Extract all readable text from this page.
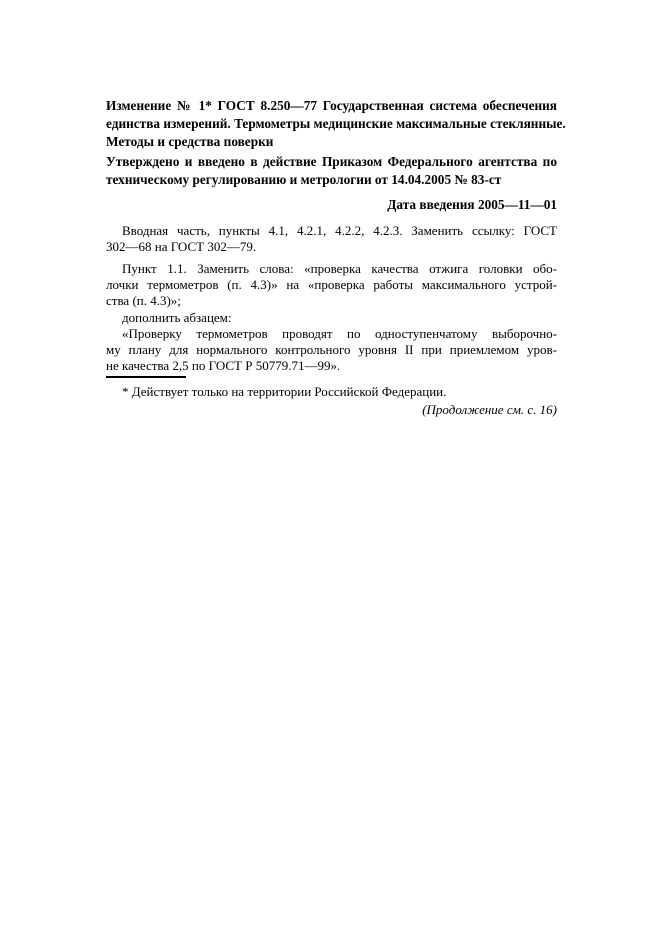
Изменение № 1* ГОСТ 8.250—77 Государственная система обеспечения
единства измерений. Термометры медицинские максимальные стеклянные.
Методы и средства поверки
Утверждено и введено в действие Приказом Федерального агентства по
техническому регулированию и метрологии от 14.04.2005 № 83-ст
Дата введения 2005—11—01
Вводная часть, пункты 4.1, 4.2.1, 4.2.2, 4.2.3. Заменить ссылку: ГОСТ
302—68 на ГОСТ 302—79.
Пункт 1.1. Заменить слова: «проверка качества отжига головки обо-
лочки термометров (п. 4.3)» на «проверка работы максимального устрой-
ства (п. 4.3)»;
дополнить абзацем:
«Проверку термометров проводят по одноступенчатому выборочно-
му плану для нормального контрольного уровня II при приемлемом уров-
не качества 2,5 по ГОСТ Р 50779.71—99».
* Действует только на территории Российской Федерации.
(Продолжение см. с. 16)
